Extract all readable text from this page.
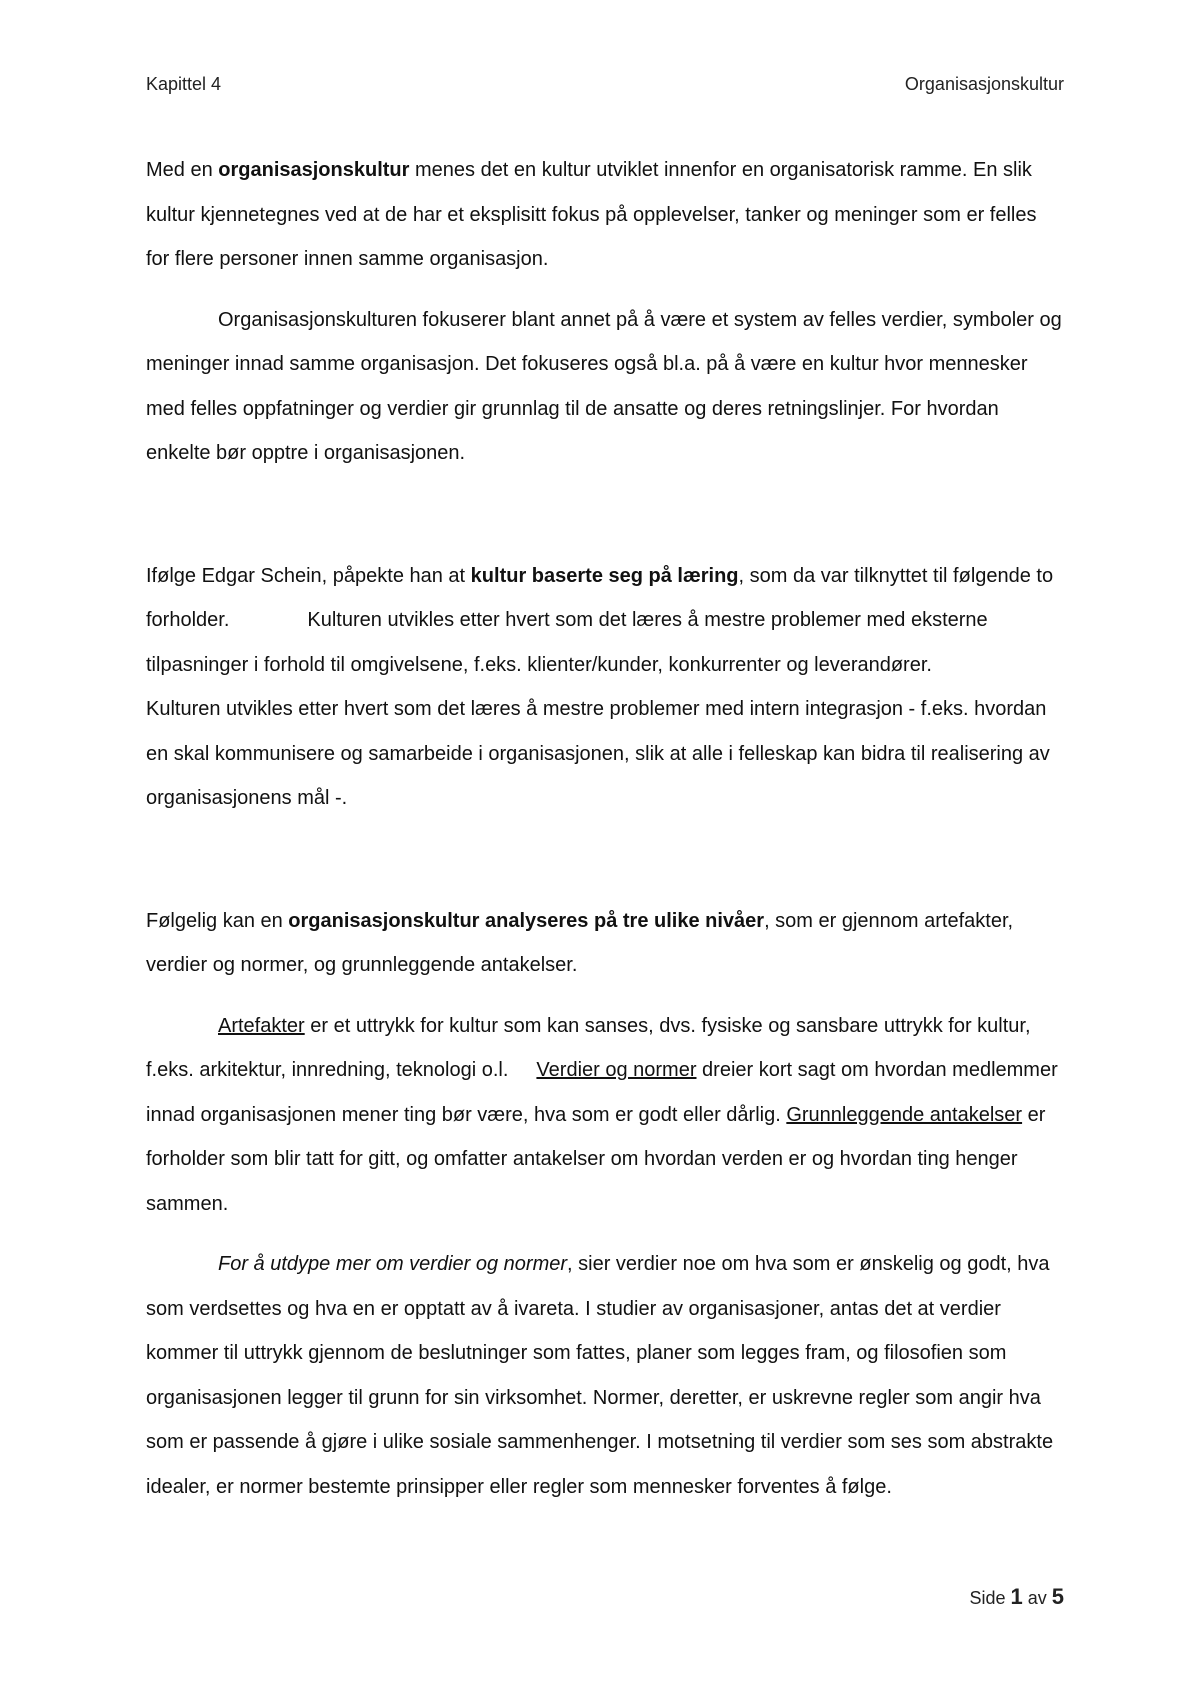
Kapittel 4	Organisasjonskultur

Med en organisasjonskultur menes det en kultur utviklet innenfor en organisatorisk ramme. En slik kultur kjennetegnes ved at de har et eksplisitt fokus på opplevelser, tanker og meninger som er felles for flere personer innen samme organisasjon.

Organisasjonskulturen fokuserer blant annet på å være et system av felles verdier, symboler og meninger innad samme organisasjon. Det fokuseres også bl.a. på å være en kultur hvor mennesker med felles oppfatninger og verdier gir grunnlag til de ansatte og deres retningslinjer. For hvordan enkelte bør opptre i organisasjonen.

Ifølge Edgar Schein, påpekte han at kultur baserte seg på læring, som da var tilknyttet til følgende to forholder.	Kulturen utvikles etter hvert som det læres å mestre problemer med eksterne tilpasninger i forhold til omgivelsene, f.eks. klienter/kunder, konkurrenter og leverandører.Kulturen utvikles etter hvert som det læres å mestre problemer med intern integrasjon - f.eks. hvordan en skal kommunisere og samarbeide i organisasjonen, slik at alle i felleskap kan bidra til realisering av organisasjonens mål -.

Følgelig kan en organisasjonskultur analyseres på tre ulike nivåer, som er gjennom artefakter, verdier og normer, og grunnleggende antakelser.

Artefakter er et uttrykk for kultur som kan sanses, dvs. fysiske og sansbare uttrykk for kultur, f.eks. arkitektur, innredning, teknologi o.l. Verdier og normer dreier kort sagt om hvordan medlemmer innad organisasjonen mener ting bør være, hva som er godt eller dårlig. Grunnleggende antakelser er forholder som blir tatt for gitt, og omfatter antakelser om hvordan verden er og hvordan ting henger sammen.

For å utdype mer om verdier og normer, sier verdier noe om hva som er ønskelig og godt, hva som verdsettes og hva en er opptatt av å ivareta. I studier av organisasjoner, antas det at verdier kommer til uttrykk gjennom de beslutninger som fattes, planer som legges fram, og filosofien som organisasjonen legger til grunn for sin virksomhet. Normer, deretter, er uskrevne regler som angir hva som er passende å gjøre i ulike sosiale sammenhenger. I motsetning til verdier som ses som abstrakte idealer, er normer bestemte prinsipper eller regler som mennesker forventes å følge.

Side 1 av 5
